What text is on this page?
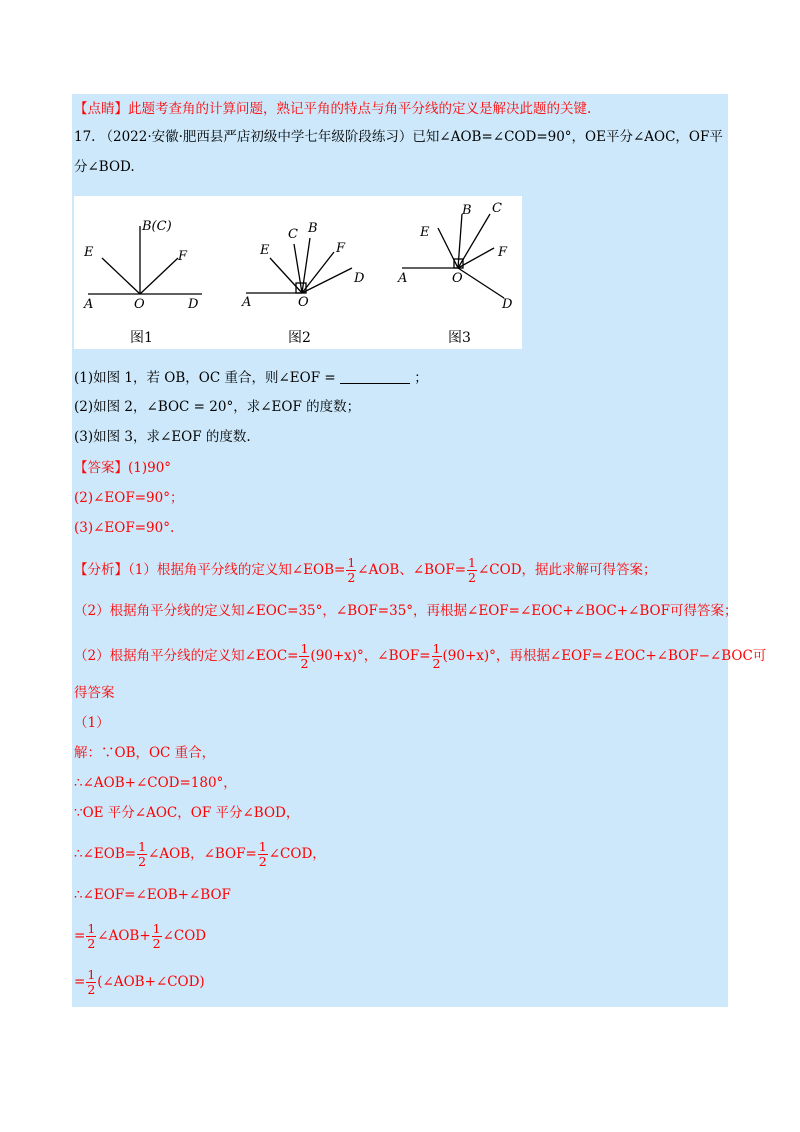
【点睛】此题考查角的计算问题，熟记平角的特点与角平分线的定义是解决此题的关键.
17. （2022·安徽·肥西县严店初级中学七年级阶段练习）已知∠AOB=∠COD=90°，OE平分∠AOC，OF平
分∠BOD.
B(C)
E	F
A	O	D
图1
C B
E	F
D
A	O
图2
B C
E
F
A	O
D
图3
(1)如图 1，若 OB，OC 重合，则∠EOF =	；
(2)如图 2，∠BOC = 20°，求∠EOF 的度数；
(3)如图 3，求∠EOF 的度数.
【答案】(1)90°
(2)∠EOF=90°；
(3)∠EOF=90°.
【分析】（1）根据角平分线的定义知∠EOB= $\frac{1}{2}$ ∠AOB、∠BOF= $\frac{1}{2}$ ∠COD，据此求解可得答案；
（2）根据角平分线的定义知∠EOC=35°，∠BOF=35°，再根据∠EOF=∠EOC+∠BOC+∠BOF可得答案；
（2）根据角平分线的定义知∠EOC= $\frac{1}{2} (90+x)^\circ$，∠BOF= $\frac{1}{2} (90+x)^\circ$，再根据∠EOF=∠EOC+∠BOF−∠BOC可
得答案
（1）
解：∵OB，OC 重合，
∴∠AOB+∠COD=180°，
∵OE 平分∠AOC，OF 平分∠BOD，
∴∠EOB= $\frac{1}{2}$ ∠AOB，∠BOF= $\frac{1}{2}$ ∠COD，
∴∠EOF=∠EOB+∠BOF
= $\frac{1}{2}$ ∠AOB+ $\frac{1}{2}$ ∠COD
= $\frac{1}{2}$ (∠AOB+∠COD)
